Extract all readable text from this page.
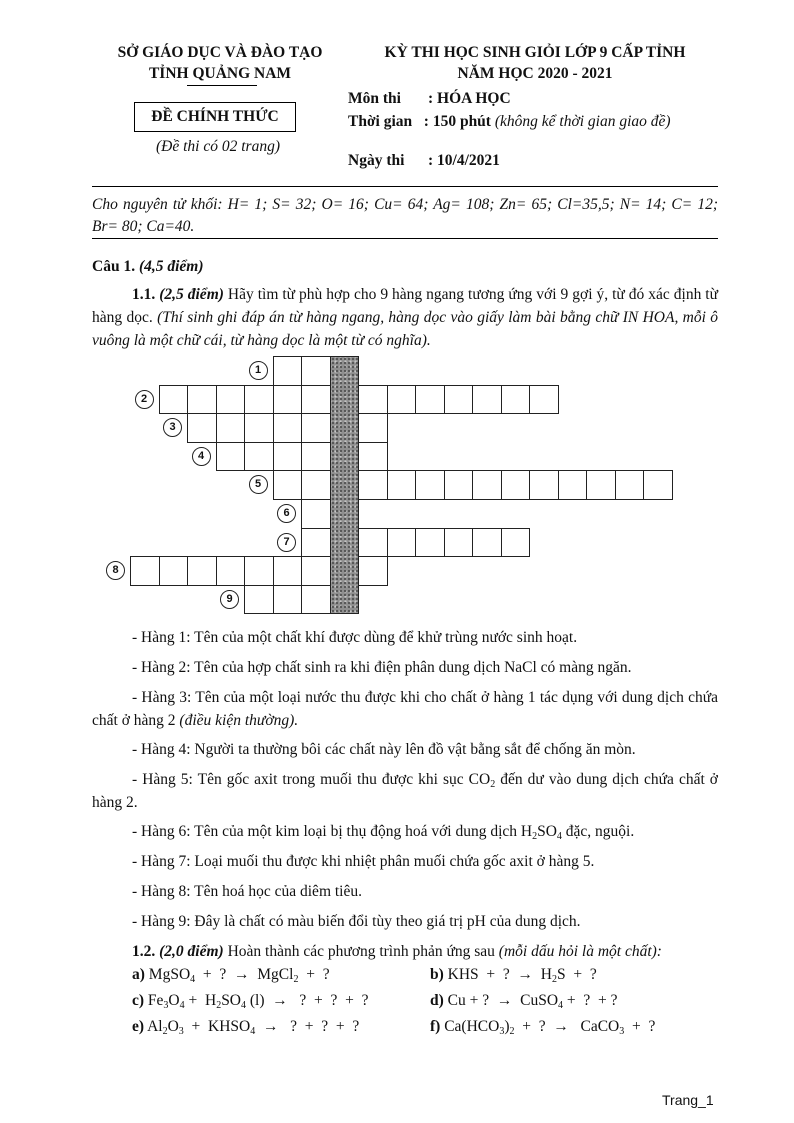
SỞ GIÁO DỤC VÀ ĐÀO TẠO
TỈNH QUẢNG NAM
KỲ THI HỌC SINH GIỎI LỚP 9 CẤP TỈNH
NĂM HỌC 2020 - 2021
ĐỀ CHÍNH THỨC
(Đề thi có 02 trang)
Môn thi : HÓA HỌC
Thời gian : 150 phút (không kể thời gian giao đề)
Ngày thi : 10/4/2021
Cho nguyên tử khối: H= 1; S= 32; O= 16; Cu= 64; Ag= 108; Zn= 65; Cl=35,5; N= 14; C= 12; Br= 80; Ca=40.
Câu 1. (4,5 điểm)
1.1. (2,5 điểm) Hãy tìm từ phù hợp cho 9 hàng ngang tương ứng với 9 gợi ý, từ đó xác định từ hàng dọc. (Thí sinh ghi đáp án từ hàng ngang, hàng dọc vào giấy làm bài bằng chữ IN HOA, mỗi ô vuông là một chữ cái, từ hàng dọc là một từ có nghĩa).
1
2
3
4
5
6
7
8
9
- Hàng 1: Tên của một chất khí được dùng để khử trùng nước sinh hoạt.
- Hàng 2: Tên của hợp chất sinh ra khi điện phân dung dịch NaCl có màng ngăn.
- Hàng 3: Tên của một loại nước thu được khi cho chất ở hàng 1 tác dụng với dung dịch chứa chất ở hàng 2 (điều kiện thường).
- Hàng 4: Người ta thường bôi các chất này lên đồ vật bằng sắt để chống ăn mòn.
- Hàng 5: Tên gốc axit trong muối thu được khi sục $CO_2$ đến dư vào dung dịch chứa chất ở hàng 2.
- Hàng 6: Tên của một kim loại bị thụ động hoá với dung dịch $H_2SO_4$ đặc, nguội.
- Hàng 7: Loại muối thu được khi nhiệt phân muối chứa gốc axit ở hàng 5.
- Hàng 8: Tên hoá học của diêm tiêu.
- Hàng 9: Đây là chất có màu biến đổi tùy theo giá trị pH của dung dịch.
1.2. (2,0 điểm) Hoàn thành các phương trình phản ứng sau (mỗi dấu hỏi là một chất):
a) MgSO$_4$  +  ?  →  MgCl$_2$  +  ?	b) KHS  +  ?  →  $H_2S$  +  ?
c) $Fe_3O_4 + H_2SO_4$ (l)  →   ?  +  ?  +  ?	d) Cu + ?  →  CuSO$_4$ +  ?  + ?
e) $Al_2O_3$  +  $KHSO_4$  →   ?  +  ?  +  ?	f) $Ca(HCO_3)_2$  +  ?  →   CaCO$_3$  +  ?
Trang_1
